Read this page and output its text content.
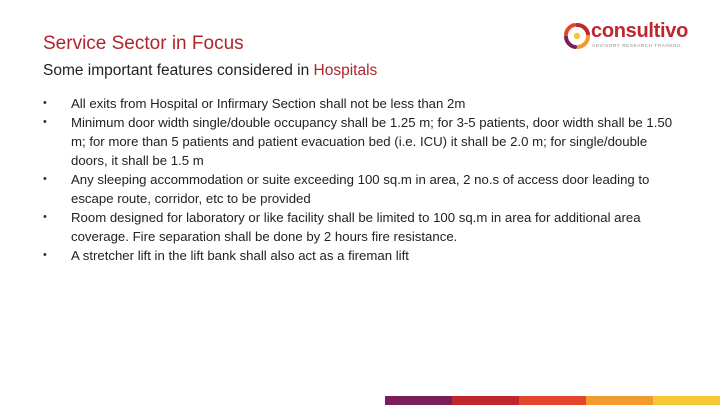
Service Sector in Focus
Some important features considered in Hospitals
consultivo
ADVISORY RESEARCH TRAINING
• All exits from Hospital or Infirmary Section shall not be less than 2m
• Minimum door width single/double occupancy shall be 1.25 m; for 3-5 patients, door width shall be 1.50 m; for more than 5 patients and patient evacuation bed (i.e. ICU) it shall be 2.0 m; for single/double doors, it shall be 1.5 m
• Any sleeping accommodation or suite exceeding 100 sq.m in area, 2 no.s of access door leading to escape route, corridor, etc to be provided
• Room designed for laboratory or like facility shall be limited to 100 sq.m in area for additional area coverage. Fire separation shall be done by 2 hours fire resistance.
• A stretcher lift in the lift bank shall also act as a fireman lift
